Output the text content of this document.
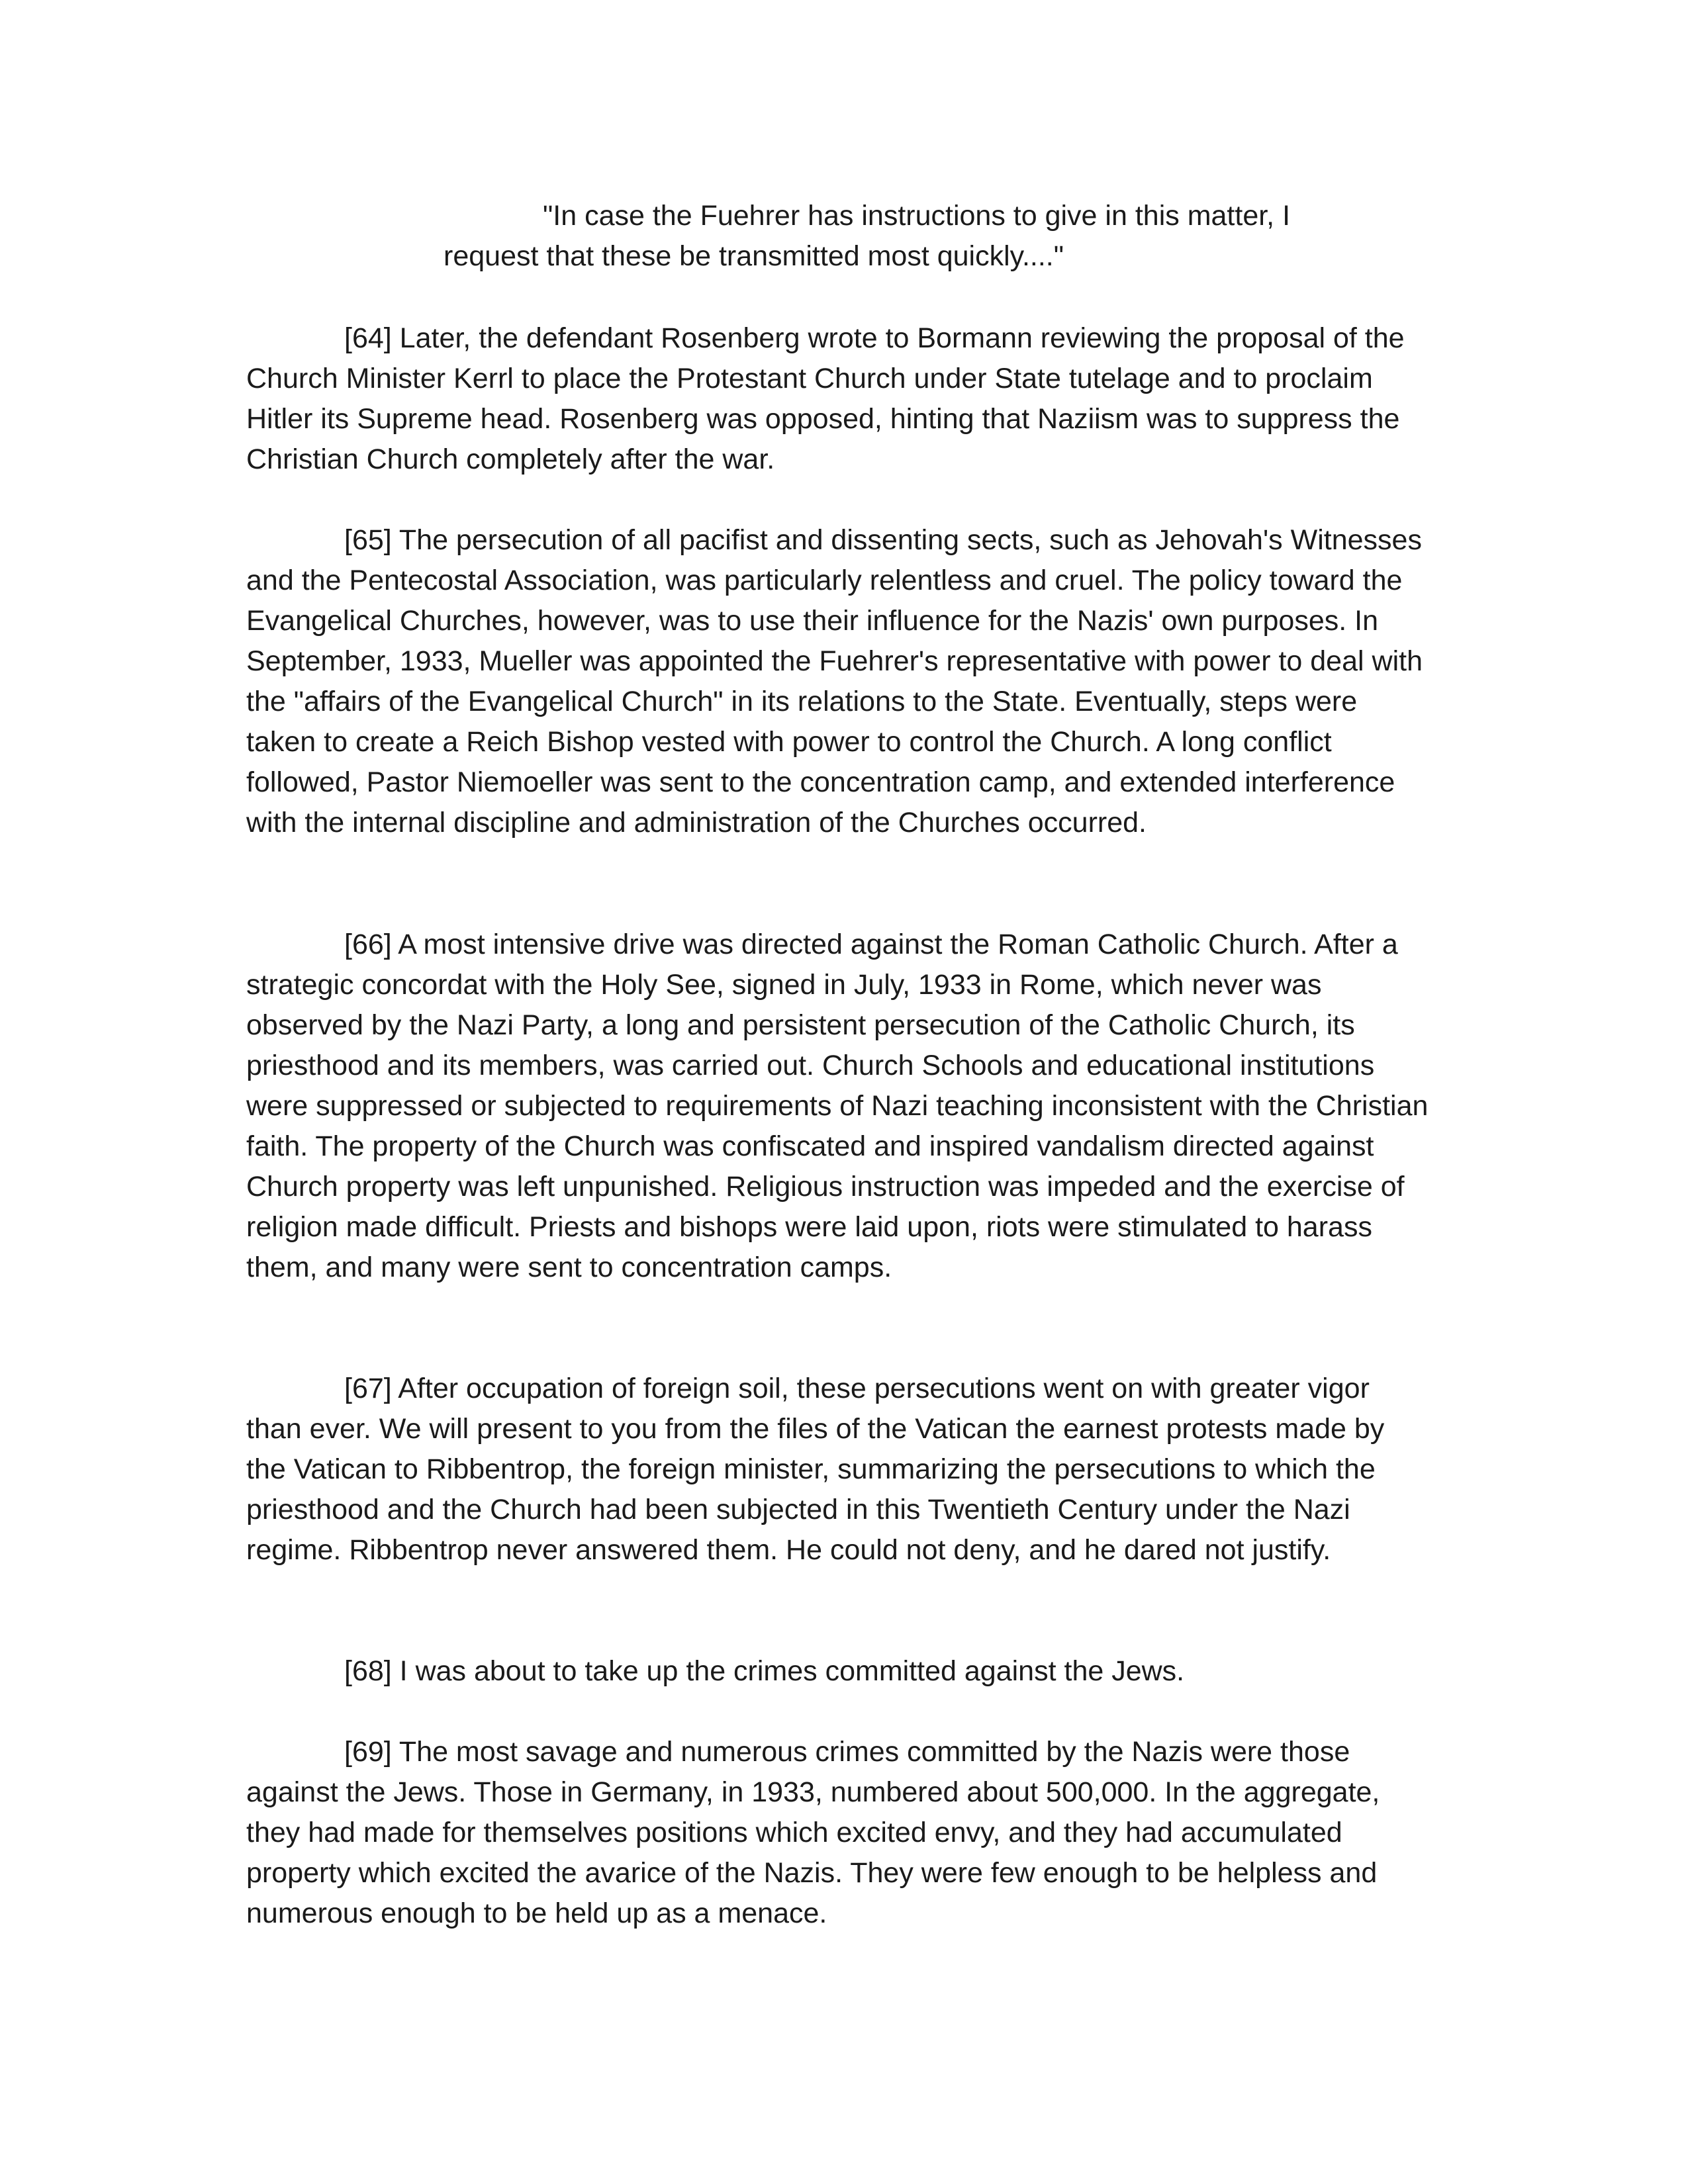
"In case the Fuehrer has instructions to give in this matter, I
request that these be transmitted most quickly...."

[64] Later, the defendant Rosenberg wrote to Bormann reviewing the proposal of the Church Minister Kerrl to place the Protestant Church under State tutelage and to proclaim Hitler its Supreme head. Rosenberg was opposed, hinting that Naziism was to suppress the Christian Church completely after the war.

[65] The persecution of all pacifist and dissenting sects, such as Jehovah's Witnesses and the Pentecostal Association, was particularly relentless and cruel. The policy toward the Evangelical Churches, however, was to use their influence for the Nazis' own purposes. In September, 1933, Mueller was appointed the Fuehrer's representative with power to deal with the "affairs of the Evangelical Church" in its relations to the State. Eventually, steps were taken to create a Reich Bishop vested with power to control the Church. A long conflict followed, Pastor Niemoeller was sent to the concentration camp, and extended interference with the internal discipline and administration of the Churches occurred.

[66] A most intensive drive was directed against the Roman Catholic Church. After a strategic concordat with the Holy See, signed in July, 1933 in Rome, which never was observed by the Nazi Party, a long and persistent persecution of the Catholic Church, its priesthood and its members, was carried out. Church Schools and educational institutions were suppressed or subjected to requirements of Nazi teaching inconsistent with the Christian faith. The property of the Church was confiscated and inspired vandalism directed against Church property was left unpunished. Religious instruction was impeded and the exercise of religion made difficult. Priests and bishops were laid upon, riots were stimulated to harass them, and many were sent to concentration camps.

[67] After occupation of foreign soil, these persecutions went on with greater vigor than ever. We will present to you from the files of the Vatican the earnest protests made by the Vatican to Ribbentrop, the foreign minister, summarizing the persecutions to which the priesthood and the Church had been subjected in this Twentieth Century under the Nazi regime. Ribbentrop never answered them. He could not deny, and he dared not justify.

[68] I was about to take up the crimes committed against the Jews.

[69] The most savage and numerous crimes committed by the Nazis were those against the Jews. Those in Germany, in 1933, numbered about 500,000. In the aggregate, they had made for themselves positions which excited envy, and they had accumulated property which excited the avarice of the Nazis. They were few enough to be helpless and numerous enough to be held up as a menace.
